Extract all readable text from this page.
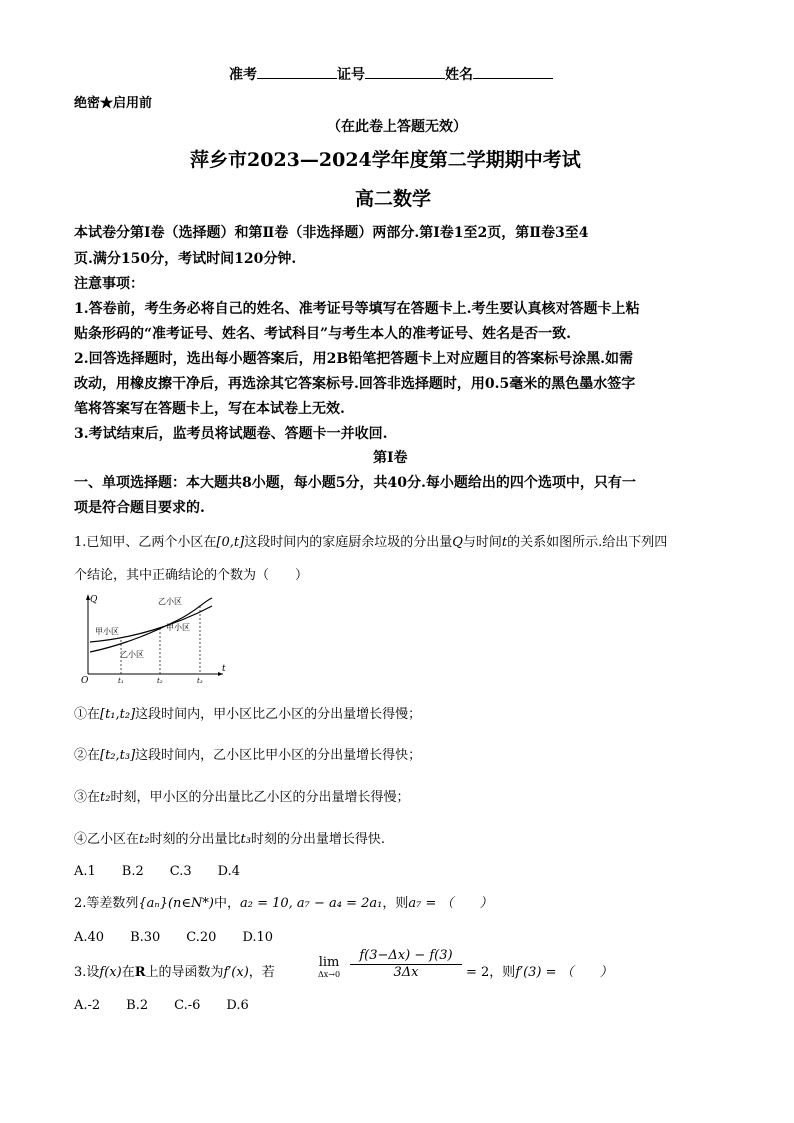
准考	证号	姓名
绝密★启用前
（在此卷上答题无效）
萍乡市2023—2024学年度第二学期期中考试
高二数学
本试卷分第Ⅰ卷（选择题）和第Ⅱ卷（非选择题）两部分.第Ⅰ卷1至2页，第Ⅱ卷3至4
页.满分150分，考试时间120分钟.
注意事项：
1.答卷前，考生务必将自己的姓名、准考证号等填写在答题卡上.考生要认真核对答题卡上粘
贴条形码的“准考证号、姓名、考试科目”与考生本人的准考证号、姓名是否一致.
2.回答选择题时，选出每小题答案后，用2B铅笔把答题卡上对应题目的答案标号涂黑.如需
改动，用橡皮擦干净后，再选涂其它答案标号.回答非选择题时，用0.5毫米的黑色墨水签字
笔将答案写在答题卡上，写在本试卷上无效.
3.考试结束后，监考员将试题卷、答题卡一并收回.
第Ⅰ卷
一、单项选择题：本大题共8小题，每小题5分，共40分.每小题给出的四个选项中，只有一
项是符合题目要求的.
1.已知甲、乙两个小区在[0,t]这段时间内的家庭厨余垃圾的分出量Q与时间t的关系如图所示.给出下列四
个结论，其中正确结论的个数为（　　）
Q
t
O	t₁	t₂	t₃
甲小区
乙小区
乙小区
甲小区
①在[t₁,t₂]这段时间内，甲小区比乙小区的分出量增长得慢；
②在[t₂,t₃]这段时间内，乙小区比甲小区的分出量增长得快；
③在t₂时刻，甲小区的分出量比乙小区的分出量增长得慢；
④乙小区在t₂时刻的分出量比t₃时刻的分出量增长得快.
A.1　　B.2　　C.3　　D.4
2.等差数列{aₙ}(n∈N*)中，a₂ = 10, a₇ − a₄ = 2a₁，则a₇ = （　　）
A.40　　B.30　　C.20　　D.10
3.设f(x)在R上的导函数为f′(x)，若
lim
$\Delta x\to 0 \frac{f(3-\Delta x) - f(3)}{3\Delta x} = 2$，则f′(3) = （　　）
A.-2　　B.2　　C.-6　　D.6
